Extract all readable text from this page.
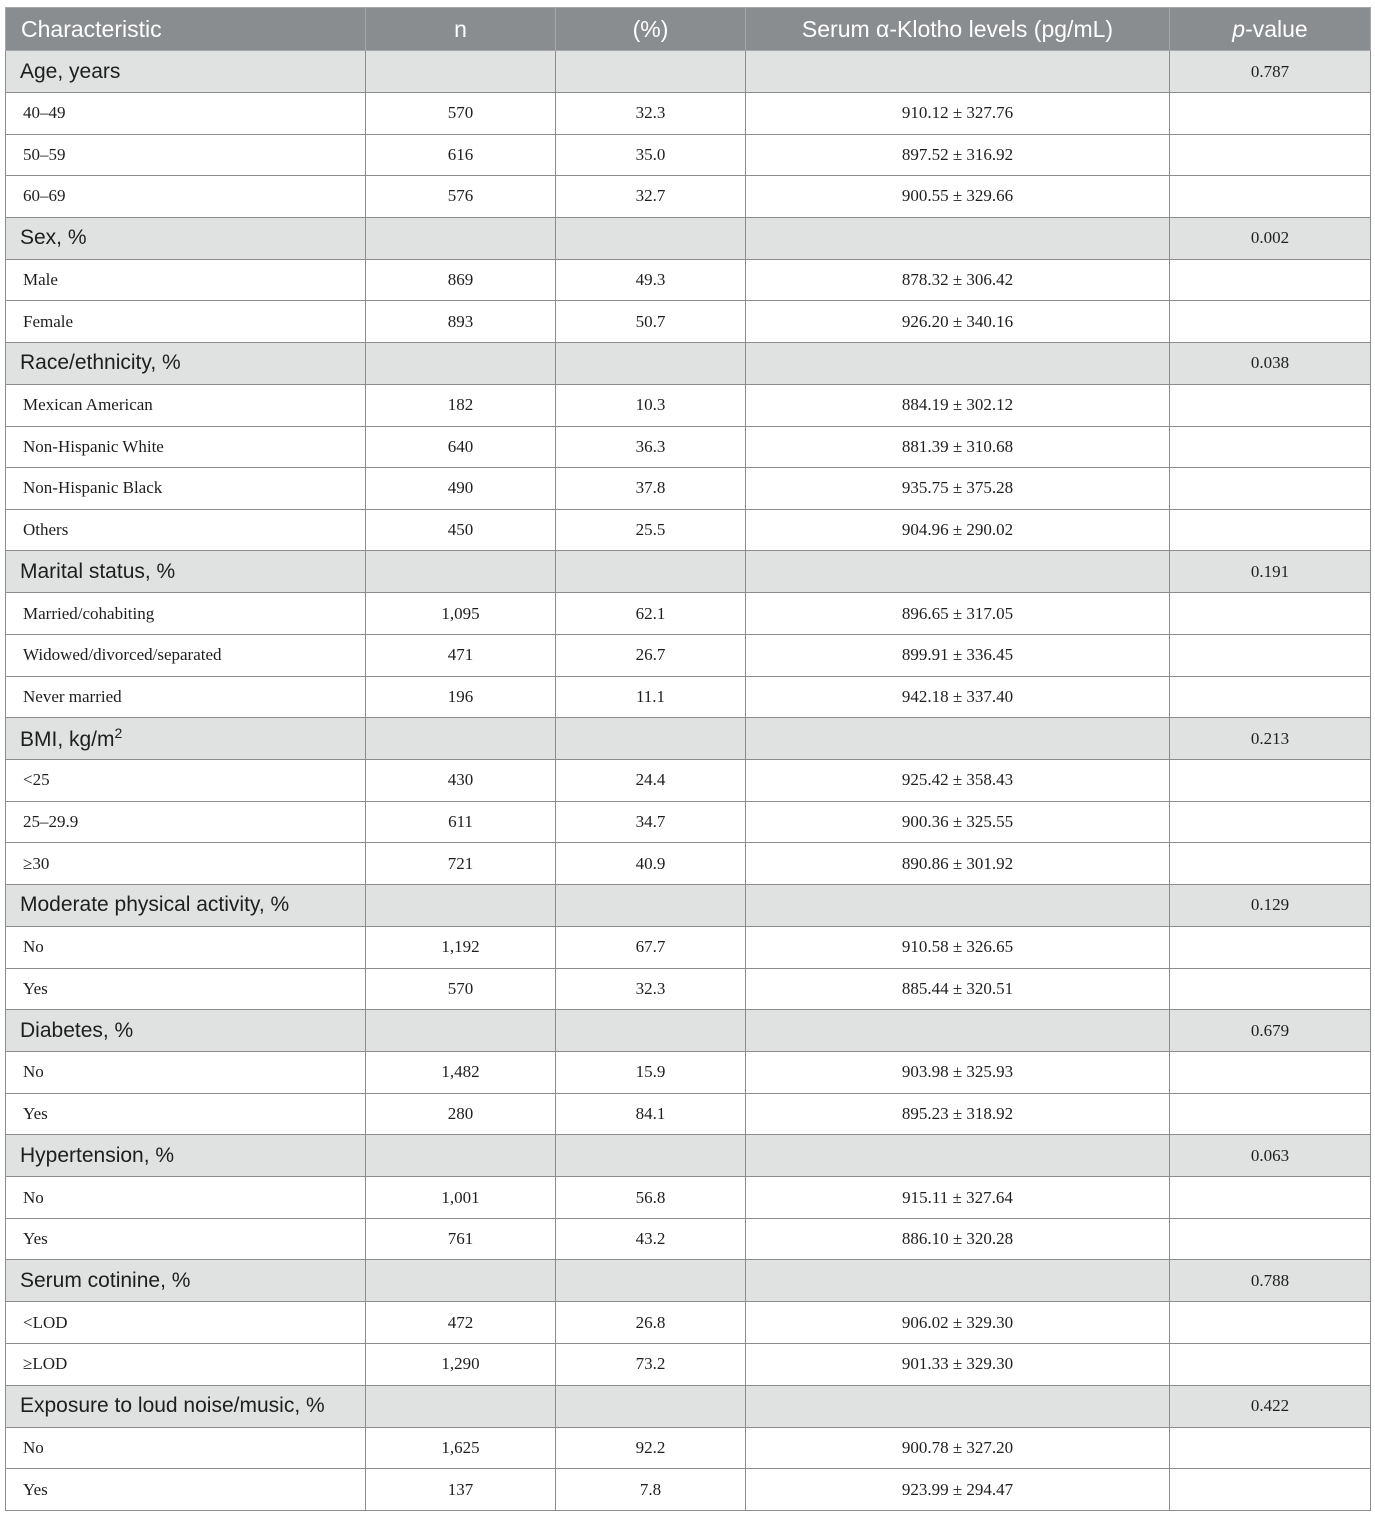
Characteristic	n	(%)	Serum α-Klotho levels (pg/mL)	p-value
Age, years				0.787
40–49	570	32.3	910.12 ± 327.76	
50–59	616	35.0	897.52 ± 316.92	
60–69	576	32.7	900.55 ± 329.66	
Sex, %				0.002
Male	869	49.3	878.32 ± 306.42	
Female	893	50.7	926.20 ± 340.16	
Race/ethnicity, %				0.038
Mexican American	182	10.3	884.19 ± 302.12	
Non-Hispanic White	640	36.3	881.39 ± 310.68	
Non-Hispanic Black	490	37.8	935.75 ± 375.28	
Others	450	25.5	904.96 ± 290.02	
Marital status, %				0.191
Married/cohabiting	1,095	62.1	896.65 ± 317.05	
Widowed/divorced/separated	471	26.7	899.91 ± 336.45	
Never married	196	11.1	942.18 ± 337.40	
BMI, $kg/m^2$				0.213
<25	430	24.4	925.42 ± 358.43	
25–29.9	611	34.7	900.36 ± 325.55	
≥30	721	40.9	890.86 ± 301.92	
Moderate physical activity, %				0.129
No	1,192	67.7	910.58 ± 326.65	
Yes	570	32.3	885.44 ± 320.51	
Diabetes, %				0.679
No	1,482	15.9	903.98 ± 325.93	
Yes	280	84.1	895.23 ± 318.92	
Hypertension, %				0.063
No	1,001	56.8	915.11 ± 327.64	
Yes	761	43.2	886.10 ± 320.28	
Serum cotinine, %				0.788
<LOD	472	26.8	906.02 ± 329.30	
≥LOD	1,290	73.2	901.33 ± 329.30	
Exposure to loud noise/music, %				0.422
No	1,625	92.2	900.78 ± 327.20	
Yes	137	7.8	923.99 ± 294.47	
